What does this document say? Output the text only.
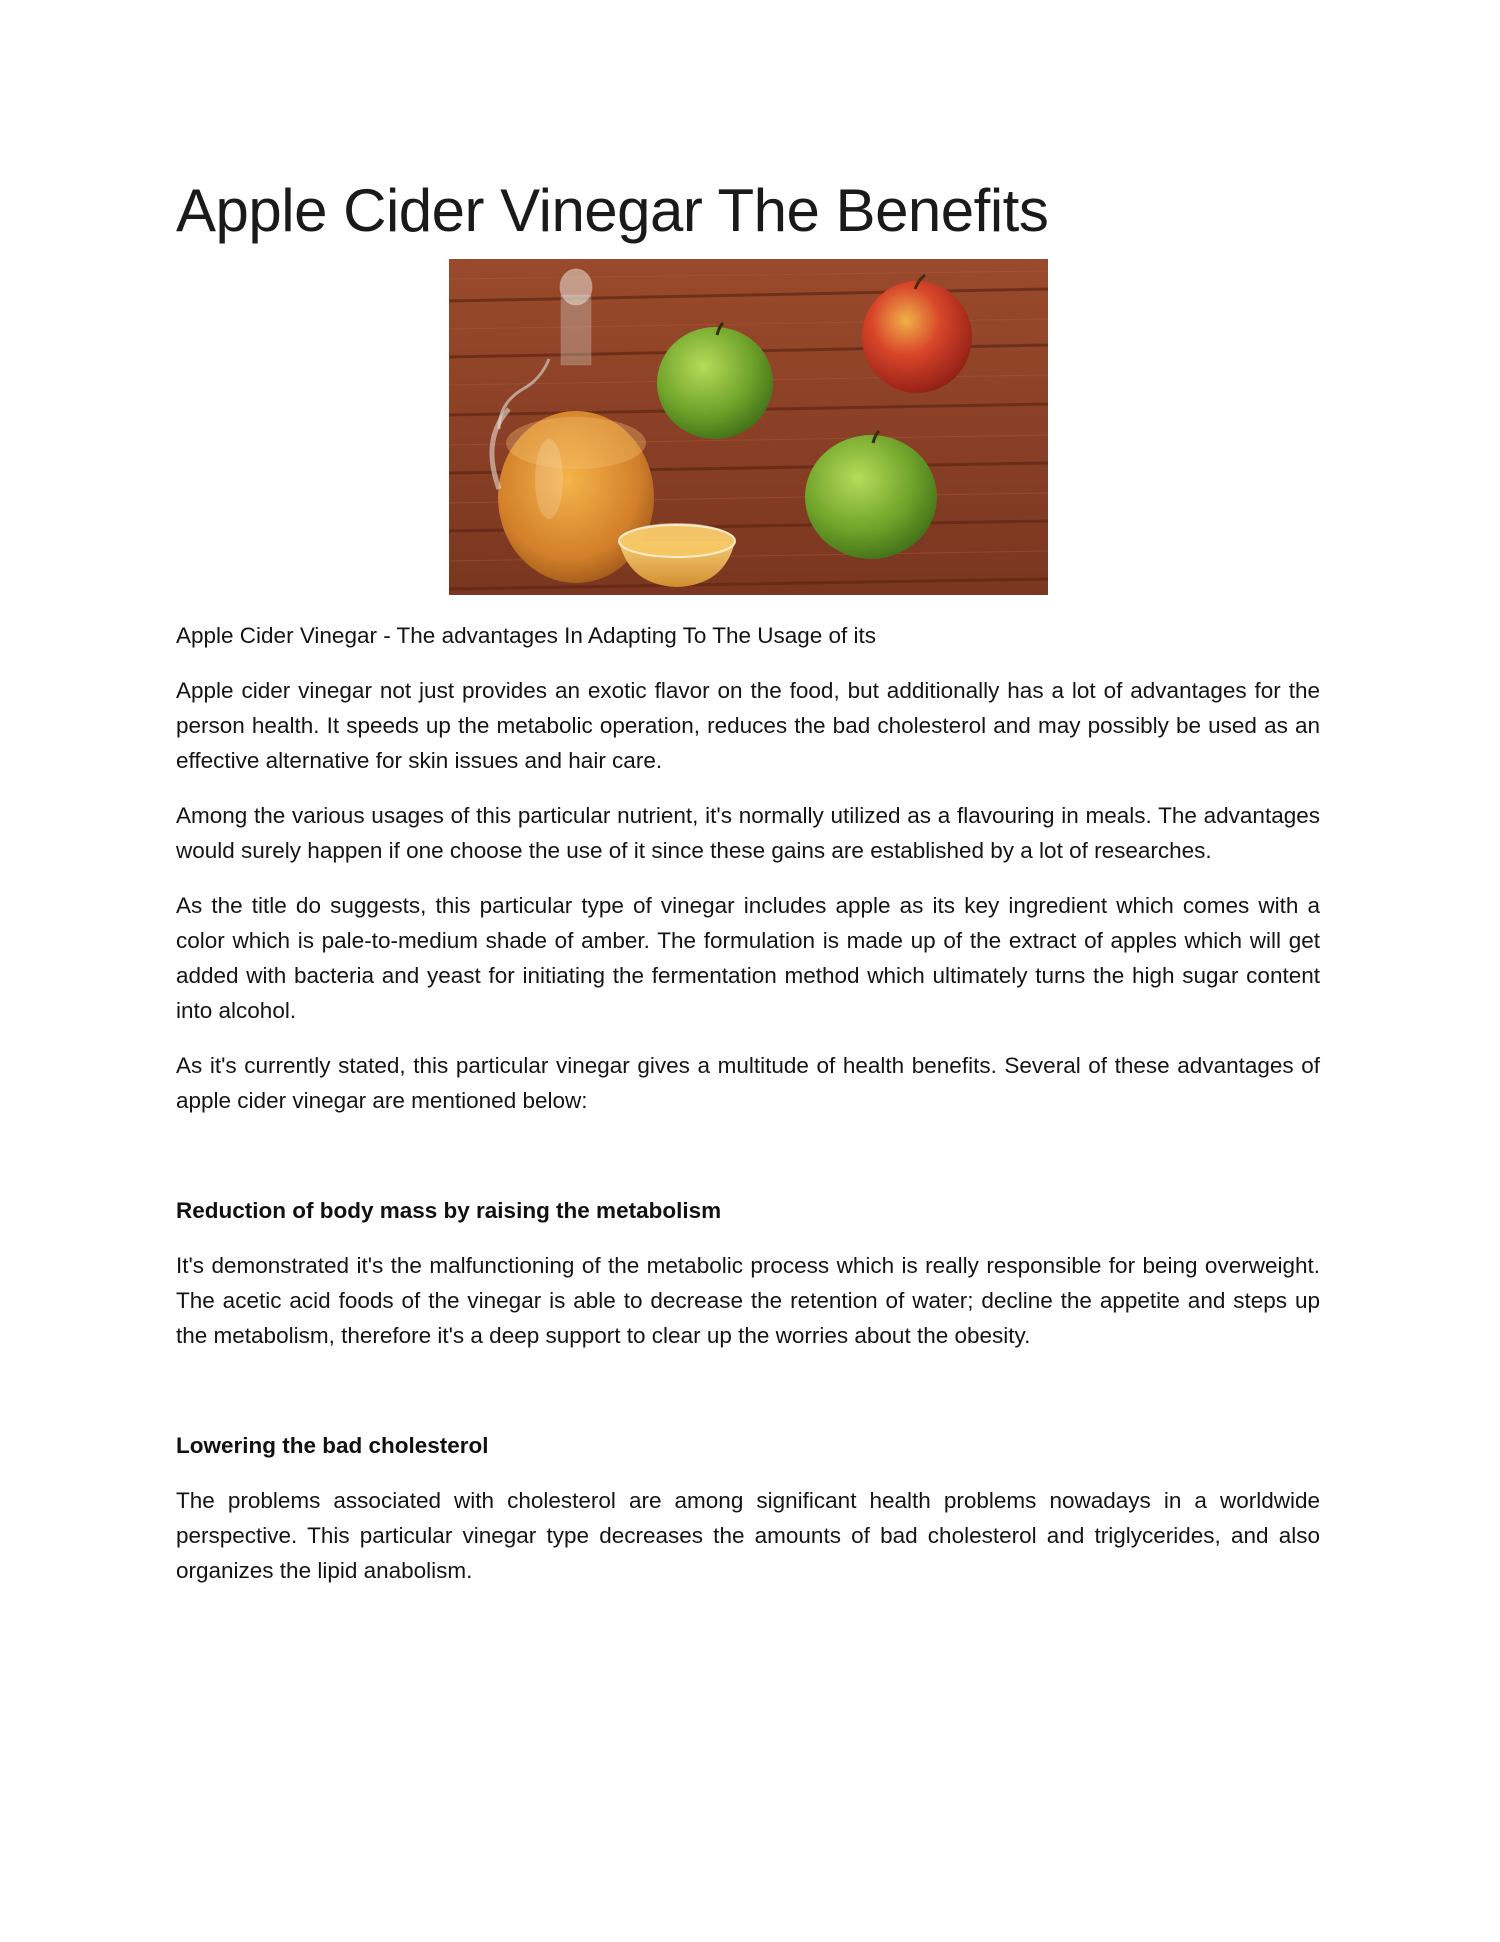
Apple Cider Vinegar The Benefits

Apple Cider Vinegar - The advantages In Adapting To The Usage of its

Apple cider vinegar not just provides an exotic flavor on the food, but additionally has a lot of advantages for the person health. It speeds up the metabolic operation, reduces the bad cholesterol and may possibly be used as an effective alternative for skin issues and hair care.

Among the various usages of this particular nutrient, it's normally utilized as a flavouring in meals. The advantages would surely happen if one choose the use of it since these gains are established by a lot of researches.

As the title do suggests, this particular type of vinegar includes apple as its key ingredient which comes with a color which is pale-to-medium shade of amber. The formulation is made up of the extract of apples which will get added with bacteria and yeast for initiating the fermentation method which ultimately turns the high sugar content into alcohol.

As it's currently stated, this particular vinegar gives a multitude of health benefits. Several of these advantages of apple cider vinegar are mentioned below:

Reduction of body mass by raising the metabolism

It's demonstrated it's the malfunctioning of the metabolic process which is really responsible for being overweight. The acetic acid foods of the vinegar is able to decrease the retention of water; decline the appetite and steps up the metabolism, therefore it's a deep support to clear up the worries about the obesity.

Lowering the bad cholesterol

The problems associated with cholesterol are among significant health problems nowadays in a worldwide perspective. This particular vinegar type decreases the amounts of bad cholesterol and triglycerides, and also organizes the lipid anabolism.
